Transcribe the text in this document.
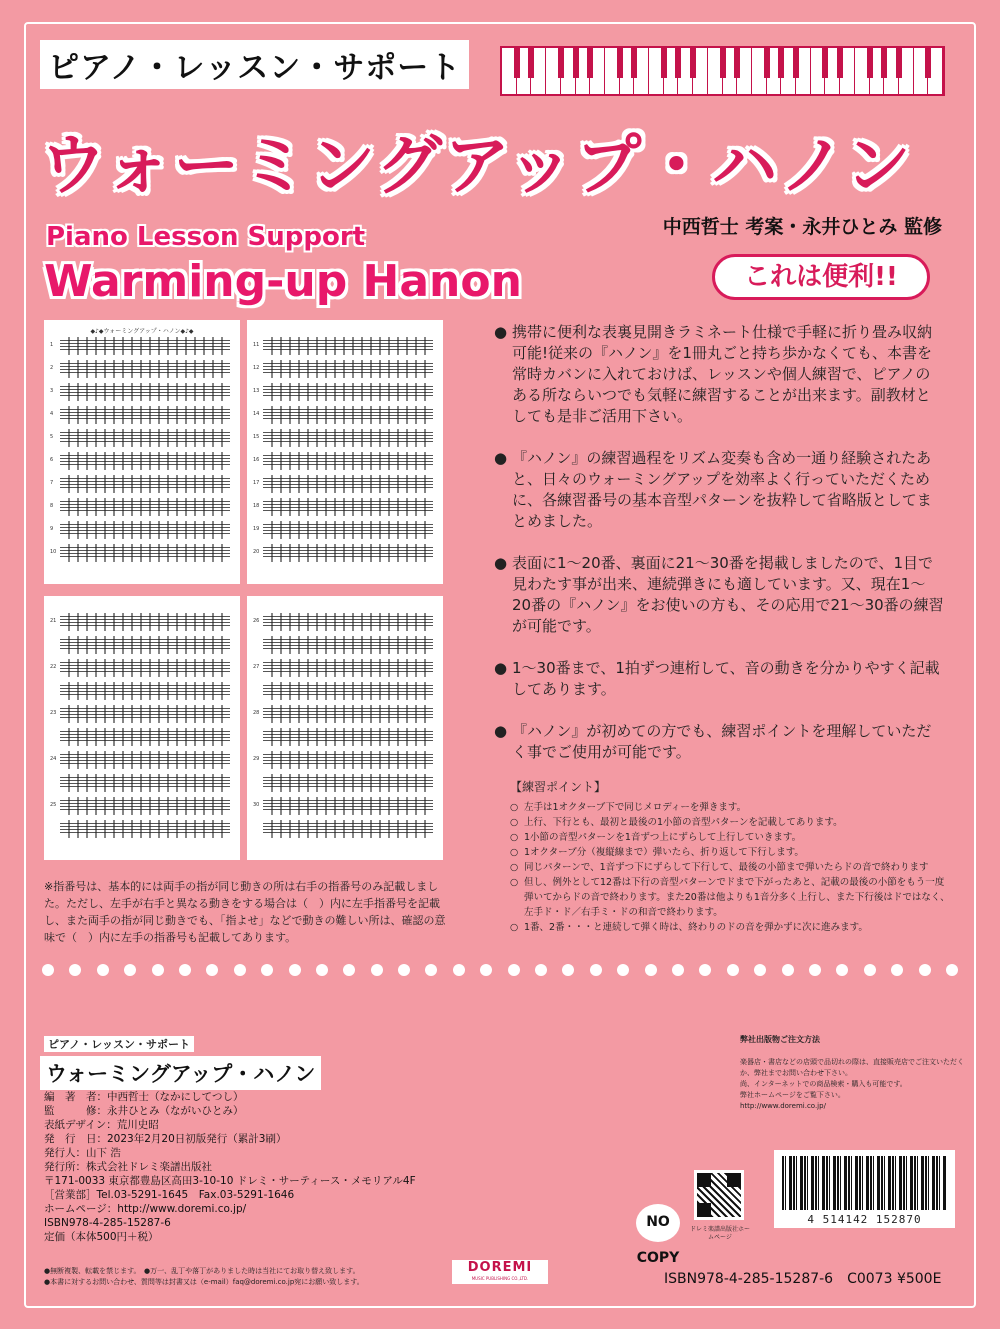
ピアノ・レッスン・サポート
ウォーミングアップ・ハノン
中西哲士 考案・永井ひとみ 監修
Piano Lesson Support
Warming-up Hanon	これは便利!!
◆♪◆ウォーミングアップ・ハノン◆♪◆
1
2
3
4
5
6
7
8
9
10
11
12
13
14
15
16
17
18
19
20
21
22
23
24
25
26
27
28
29
30
● 携帯に便利な表裏見開きラミネート仕様で手軽に折り畳み収納可能!従来の『ハノン』を1冊丸ごと持ち歩かなくても、本書を常時カバンに入れておけば、レッスンや個人練習で、ピアノのある所ならいつでも気軽に練習することが出来ます。副教材としても是非ご活用下さい。
● 『ハノン』の練習過程をリズム変奏も含め一通り経験されたあと、日々のウォーミングアップを効率よく行っていただくために、各練習番号の基本音型パターンを抜粋して省略版としてまとめました。
● 表面に1～20番、裏面に21～30番を掲載しましたので、1目で見わたす事が出来、連続弾きにも適しています。又、現在1～20番の『ハノン』をお使いの方も、その応用で21～30番の練習が可能です。
● 1～30番まで、1拍ずつ連桁して、音の動きを分かりやすく記載してあります。
● 『ハノン』が初めての方でも、練習ポイントを理解していただく事でご使用が可能です。
【練習ポイント】
○ 左手は1オクターブ下で同じメロディーを弾きます。
○ 上行、下行とも、最初と最後の1小節の音型パターンを記載してあります。
○ 1小節の音型パターンを1音ずつ上にずらして上行していきます。
○ 1オクターブ分（複縦線まで）弾いたら、折り返して下行します。
○ 同じパターンで、1音ずつ下にずらして下行して、最後の小節まで弾いたらドの音で終わります
○ 但し、例外として12番は下行の音型パターンでドまで下がったあと、記載の最後の小節をもう一度弾いてからドの音で終わります。また20番は他よりも1音分多く上行し、また下行後はドではなく、左手ド・ド／右手ミ・ドの和音で終わります。
○ 1番、2番・・・と連続して弾く時は、終わりのドの音を弾かずに次に進みます。
※指番号は、基本的には両手の指が同じ動きの所は右手の指番号のみ記載しました。ただし、左手が右手と異なる動きをする場合は（　）内に左手指番号を記載し、また両手の指が同じ動きでも、「指よせ」などで動きの難しい所は、確認の意味で（　）内に左手の指番号も記載してあります。
ピアノ・レッスン・サポート
ウォーミングアップ・ハノン
編　著　者：中西哲士（なかにしてつし）
監　　　修：永井ひとみ（ながいひとみ）
表紙デザイン：荒川史昭
発　行　日：2023年2月20日初版発行（累計3刷）
発行人：山下 浩
発行所：株式会社ドレミ楽譜出版社
〒171-0033 東京都豊島区高田3-10-10 ドレミ・サーティース・メモリアル4F
［営業部］Tel.03-5291-1645　Fax.03-5291-1646
ホームページ：http://www.doremi.co.jp/
ISBN978-4-285-15287-6
定価（本体500円＋税）
●無断複製、転載を禁じます。　●万一、乱丁や落丁がありました時は当社にてお取り替え致します。
●本書に対するお問い合わせ、質問等は封書又は（e-mail）faq@doremi.co.jp宛にお願い致します。
弊社出版物ご注文方法
楽器店・書店などの店頭で品切れの際は、直接販売店でご注文いただくか、弊社までお問い合わせ下さい。
尚、インターネットでの商品検索・購入も可能です。
弊社ホームページをご覧下さい。
http://www.doremi.co.jp/
NO COPY
ドレミ楽譜出版社ホームページ
4 514142 152870
DOREMI
MUSIC PUBLISHING CO.,LTD.	ISBN978-4-285-15287-6　C0073 ¥500E
